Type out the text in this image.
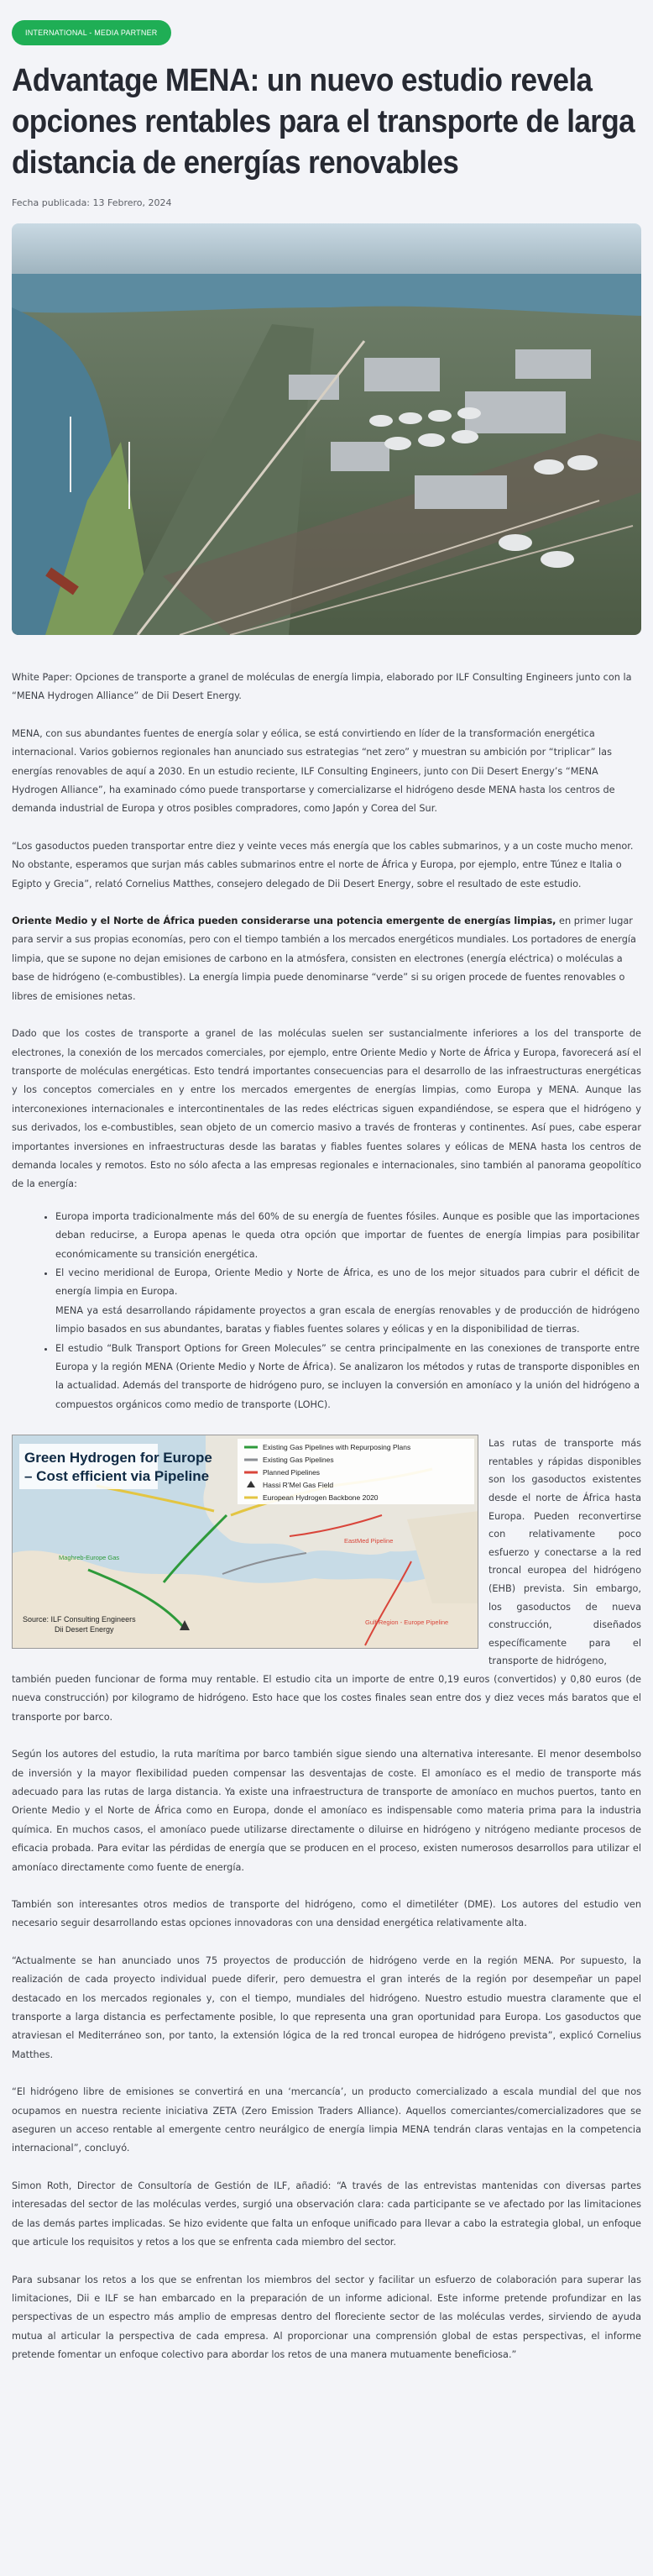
INTERNATIONAL - MEDIA PARTNER
Advantage MENA: un nuevo estudio revela opciones rentables para el transporte de larga distancia de energías renovables
Fecha publicada: 13 Febrero, 2024

White Paper: Opciones de transporte a granel de moléculas de energía limpia, elaborado por ILF Consulting Engineers junto con la “MENA Hydrogen Alliance” de Dii Desert Energy.

MENA, con sus abundantes fuentes de energía solar y eólica, se está convirtiendo en líder de la transformación energética internacional. Varios gobiernos regionales han anunciado sus estrategias “net zero” y muestran su ambición por “triplicar” las energías renovables de aquí a 2030. En un estudio reciente, ILF Consulting Engineers, junto con Dii Desert Energy’s “MENA Hydrogen Alliance”, ha examinado cómo puede transportarse y comercializarse el hidrógeno desde MENA hasta los centros de demanda industrial de Europa y otros posibles compradores, como Japón y Corea del Sur.

“Los gasoductos pueden transportar entre diez y veinte veces más energía que los cables submarinos, y a un coste mucho menor. No obstante, esperamos que surjan más cables submarinos entre el norte de África y Europa, por ejemplo, entre Túnez e Italia o Egipto y Grecia”, relató Cornelius Matthes, consejero delegado de Dii Desert Energy, sobre el resultado de este estudio.

Oriente Medio y el Norte de África pueden considerarse una potencia emergente de energías limpias, en primer lugar para servir a sus propias economías, pero con el tiempo también a los mercados energéticos mundiales. Los portadores de energía limpia, que se supone no dejan emisiones de carbono en la atmósfera, consisten en electrones (energía eléctrica) o moléculas a base de hidrógeno (e-combustibles). La energía limpia puede denominarse “verde” si su origen procede de fuentes renovables o libres de emisiones netas.

Dado que los costes de transporte a granel de las moléculas suelen ser sustancialmente inferiores a los del transporte de electrones, la conexión de los mercados comerciales, por ejemplo, entre Oriente Medio y Norte de África y Europa, favorecerá así el transporte de moléculas energéticas. Esto tendrá importantes consecuencias para el desarrollo de las infraestructuras energéticas y los conceptos comerciales en y entre los mercados emergentes de energías limpias, como Europa y MENA. Aunque las interconexiones internacionales e intercontinentales de las redes eléctricas siguen expandiéndose, se espera que el hidrógeno y sus derivados, los e-combustibles, sean objeto de un comercio masivo a través de fronteras y continentes. Así pues, cabe esperar importantes inversiones en infraestructuras desde las baratas y fiables fuentes solares y eólicas de MENA hasta los centros de demanda locales y remotos. Esto no sólo afecta a las empresas regionales e internacionales, sino también al panorama geopolítico de la energía:

• Europa importa tradicionalmente más del 60% de su energía de fuentes fósiles. Aunque es posible que las importaciones deban reducirse, a Europa apenas le queda otra opción que importar de fuentes de energía limpias para posibilitar económicamente su transición energética.
• El vecino meridional de Europa, Oriente Medio y Norte de África, es uno de los mejor situados para cubrir el déficit de energía limpia en Europa.
MENA ya está desarrollando rápidamente proyectos a gran escala de energías renovables y de producción de hidrógeno limpio basados en sus abundantes, baratas y fiables fuentes solares y eólicas y en la disponibilidad de tierras.
• El estudio “Bulk Transport Options for Green Molecules” se centra principalmente en las conexiones de transporte entre Europa y la región MENA (Oriente Medio y Norte de África). Se analizaron los métodos y rutas de transporte disponibles en la actualidad. Además del transporte de hidrógeno puro, se incluyen la conversión en amoníaco y la unión del hidrógeno a compuestos orgánicos como medio de transporte (LOHC).
Green Hydrogen for Europe
– Cost efficient via Pipeline
Existing Gas Pipelines with Repurposing Plans
Existing Gas Pipelines
Planned Pipelines
Hassi R’Mel Gas Field
European Hydrogen Backbone 2020
EastMed Pipeline
Gulf Region - Europe Pipeline
Maghreb-Europe Gas
Source: ILF Consulting Engineers
Dii Desert Energy
Las rutas de transporte más rentables y rápidas disponibles son los gasoductos existentes desde el norte de África hasta Europa. Pueden reconvertirse con relativamente poco esfuerzo y conectarse a la red troncal europea del hidrógeno (EHB) prevista. Sin embargo, los gasoductos de nueva construcción, diseñados específicamente para el transporte de hidrógeno,

también pueden funcionar de forma muy rentable. El estudio cita un importe de entre 0,19 euros (convertidos) y 0,80 euros (de nueva construcción) por kilogramo de hidrógeno. Esto hace que los costes finales sean entre dos y diez veces más baratos que el transporte por barco.

Según los autores del estudio, la ruta marítima por barco también sigue siendo una alternativa interesante. El menor desembolso de inversión y la mayor flexibilidad pueden compensar las desventajas de coste. El amoníaco es el medio de transporte más adecuado para las rutas de larga distancia. Ya existe una infraestructura de transporte de amoníaco en muchos puertos, tanto en Oriente Medio y el Norte de África como en Europa, donde el amoníaco es indispensable como materia prima para la industria química. En muchos casos, el amoníaco puede utilizarse directamente o diluirse en hidrógeno y nitrógeno mediante procesos de eficacia probada. Para evitar las pérdidas de energía que se producen en el proceso, existen numerosos desarrollos para utilizar el amoníaco directamente como fuente de energía.

También son interesantes otros medios de transporte del hidrógeno, como el dimetiléter (DME). Los autores del estudio ven necesario seguir desarrollando estas opciones innovadoras con una densidad energética relativamente alta.

“Actualmente se han anunciado unos 75 proyectos de producción de hidrógeno verde en la región MENA. Por supuesto, la realización de cada proyecto individual puede diferir, pero demuestra el gran interés de la región por desempeñar un papel destacado en los mercados regionales y, con el tiempo, mundiales del hidrógeno. Nuestro estudio muestra claramente que el transporte a larga distancia es perfectamente posible, lo que representa una gran oportunidad para Europa. Los gasoductos que atraviesan el Mediterráneo son, por tanto, la extensión lógica de la red troncal europea de hidrógeno prevista”, explicó Cornelius Matthes.

“El hidrógeno libre de emisiones se convertirá en una ‘mercancía’, un producto comercializado a escala mundial del que nos ocupamos en nuestra reciente iniciativa ZETA (Zero Emission Traders Alliance). Aquellos comerciantes/comercializadores que se aseguren un acceso rentable al emergente centro neurálgico de energía limpia MENA tendrán claras ventajas en la competencia internacional”, concluyó.

Simon Roth, Director de Consultoría de Gestión de ILF, añadió: “A través de las entrevistas mantenidas con diversas partes interesadas del sector de las moléculas verdes, surgió una observación clara: cada participante se ve afectado por las limitaciones de las demás partes implicadas. Se hizo evidente que falta un enfoque unificado para llevar a cabo la estrategia global, un enfoque que articule los requisitos y retos a los que se enfrenta cada miembro del sector.

Para subsanar los retos a los que se enfrentan los miembros del sector y facilitar un esfuerzo de colaboración para superar las limitaciones, Dii e ILF se han embarcado en la preparación de un informe adicional. Este informe pretende profundizar en las perspectivas de un espectro más amplio de empresas dentro del floreciente sector de las moléculas verdes, sirviendo de ayuda mutua al articular la perspectiva de cada empresa. Al proporcionar una comprensión global de estas perspectivas, el informe pretende fomentar un enfoque colectivo para abordar los retos de una manera mutuamente beneficiosa.”
